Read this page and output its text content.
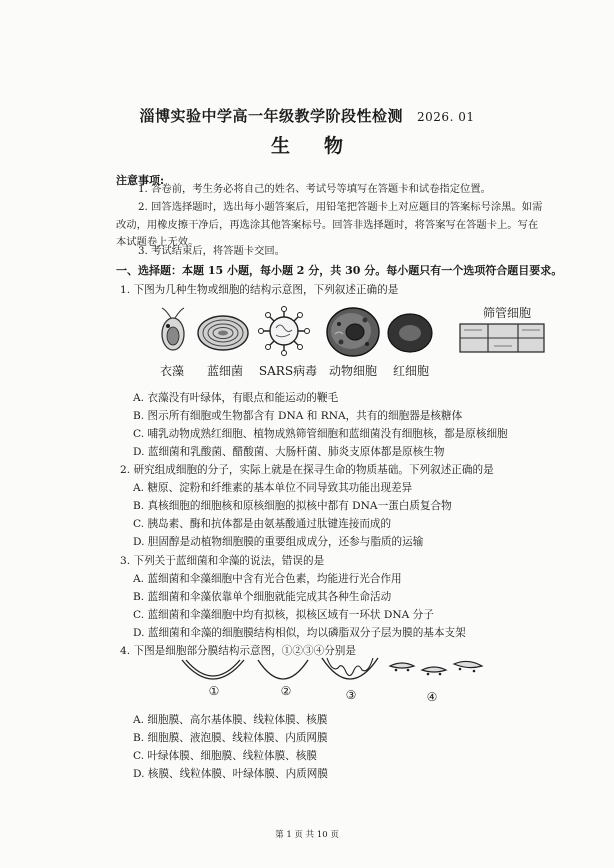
淄博实验中学高一年级教学阶段性检测 2026. 01
生物
注意事项:
1. 答卷前，考生务必将自己的姓名、考试号等填写在答题卡和试卷指定位置。
2. 回答选择题时，选出每小题答案后，用铅笔把答题卡上对应题目的答案标号涂黑。如需改动，用橡皮擦干净后，再选涂其他答案标号。回答非选择题时，将答案写在答题卡上。写在本试题卷上无效。
3. 考试结束后，将答题卡交回。
一、选择题：本题 15 小题，每小题 2 分，共 30 分。每小题只有一个选项符合题目要求。
1. 下图为几种生物或细胞的结构示意图，下列叙述正确的是
衣藻	蓝细菌	SARS病毒 动物细胞	红细胞
筛管细胞
A. 衣藻没有叶绿体，有眼点和能运动的鞭毛
B. 图示所有细胞或生物都含有 DNA 和 RNA，共有的细胞器是核糖体
C. 哺乳动物成熟红细胞、植物成熟筛管细胞和蓝细菌没有细胞核，都是原核细胞
D. 蓝细菌和乳酸菌、醋酸菌、大肠杆菌、肺炎支原体都是原核生物
2. 研究组成细胞的分子，实际上就是在探寻生命的物质基础。下列叙述正确的是
A. 糖原、淀粉和纤维素的基本单位不同导致其功能出现差异
B. 真核细胞的细胞核和原核细胞的拟核中都有 DNA一蛋白质复合物
C. 胰岛素、酶和抗体都是由氨基酸通过肽键连接而成的
D. 胆固醇是动植物细胞膜的重要组成成分，还参与脂质的运输
3. 下列关于蓝细菌和伞藻的说法，错误的是
A. 蓝细菌和伞藻细胞中含有光合色素，均能进行光合作用
B. 蓝细菌和伞藻依靠单个细胞就能完成其各种生命活动
C. 蓝细菌和伞藻细胞中均有拟核，拟核区域有一环状 DNA 分子
D. 蓝细菌和伞藻的细胞膜结构相似，均以磷脂双分子层为膜的基本支架
4. 下图是细胞部分膜结构示意图，①②③④分别是
①	②	③	④
A. 细胞膜、高尔基体膜、线粒体膜、核膜
B. 细胞膜、液泡膜、线粒体膜、内质网膜
C. 叶绿体膜、细胞膜、线粒体膜、核膜
D. 核膜、线粒体膜、叶绿体膜、内质网膜
第 1 页 共 10 页
